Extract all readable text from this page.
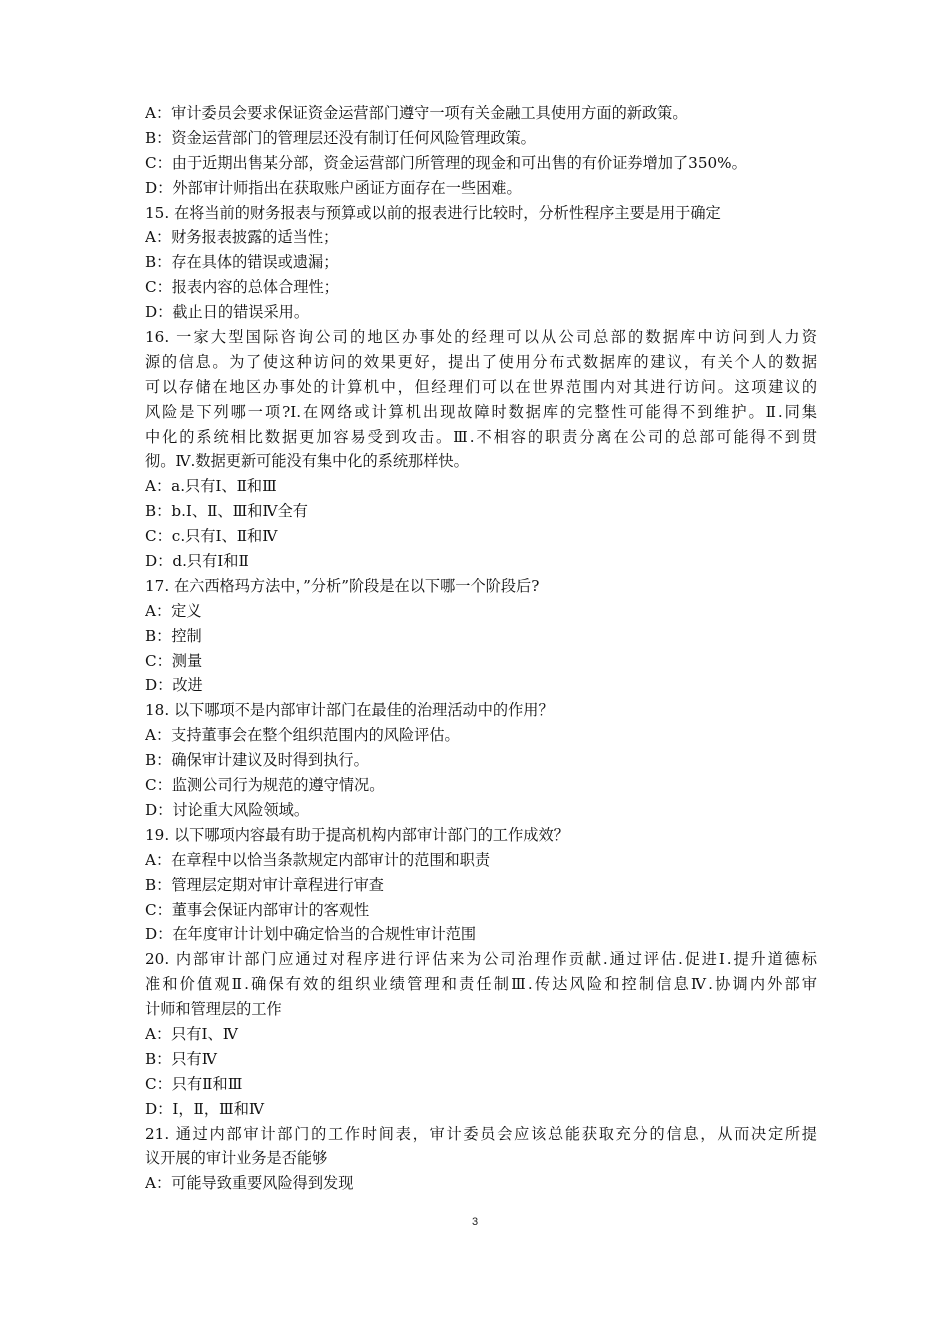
A：审计委员会要求保证资金运营部门遵守一项有关金融工具使用方面的新政策。
B：资金运营部门的管理层还没有制订任何风险管理政策。
C：由于近期出售某分部，资金运营部门所管理的现金和可出售的有价证券增加了350%。
D：外部审计师指出在获取账户函证方面存在一些困难。
15. 在将当前的财务报表与预算或以前的报表进行比较时，分析性程序主要是用于确定
A：财务报表披露的适当性；
B：存在具体的错误或遗漏；
C：报表内容的总体合理性；
D：截止日的错误采用。
16. 一家大型国际咨询公司的地区办事处的经理可以从公司总部的数据库中访问到人力资
源的信息。为了使这种访问的效果更好，提出了使用分布式数据库的建议，有关个人的数据
可以存储在地区办事处的计算机中，但经理们可以在世界范围内对其进行访问。这项建议的
风险是下列哪一项?I.在网络或计算机出现故障时数据库的完整性可能得不到维护。Ⅱ.同集
中化的系统相比数据更加容易受到攻击。Ⅲ.不相容的职责分离在公司的总部可能得不到贯
彻。Ⅳ.数据更新可能没有集中化的系统那样快。
A：a.只有Ⅰ、Ⅱ和Ⅲ
B：b.Ⅰ、Ⅱ、Ⅲ和Ⅳ全有
C：c.只有Ⅰ、Ⅱ和Ⅳ
D：d.只有Ⅰ和Ⅱ
17. 在六西格玛方法中，”分析”阶段是在以下哪一个阶段后?
A：定义
B：控制
C：测量
D：改进
18. 以下哪项不是内部审计部门在最佳的治理活动中的作用？
A：支持董事会在整个组织范围内的风险评估。
B：确保审计建议及时得到执行。
C：监测公司行为规范的遵守情况。
D：讨论重大风险领域。
19. 以下哪项内容最有助于提高机构内部审计部门的工作成效？
A：在章程中以恰当条款规定内部审计的范围和职责
B：管理层定期对审计章程进行审查
C：董事会保证内部审计的客观性
D：在年度审计计划中确定恰当的合规性审计范围
20. 内部审计部门应通过对程序进行评估来为公司治理作贡献.通过评估.促进Ⅰ.提升道德标
准和价值观Ⅱ.确保有效的组织业绩管理和责任制Ⅲ.传达风险和控制信息Ⅳ.协调内外部审
计师和管理层的工作
A：只有Ⅰ、Ⅳ
B：只有Ⅳ
C：只有Ⅱ和Ⅲ
D：Ⅰ，Ⅱ，Ⅲ和Ⅳ
21. 通过内部审计部门的工作时间表，审计委员会应该总能获取充分的信息，从而决定所提
议开展的审计业务是否能够
A：可能导致重要风险得到发现
3
